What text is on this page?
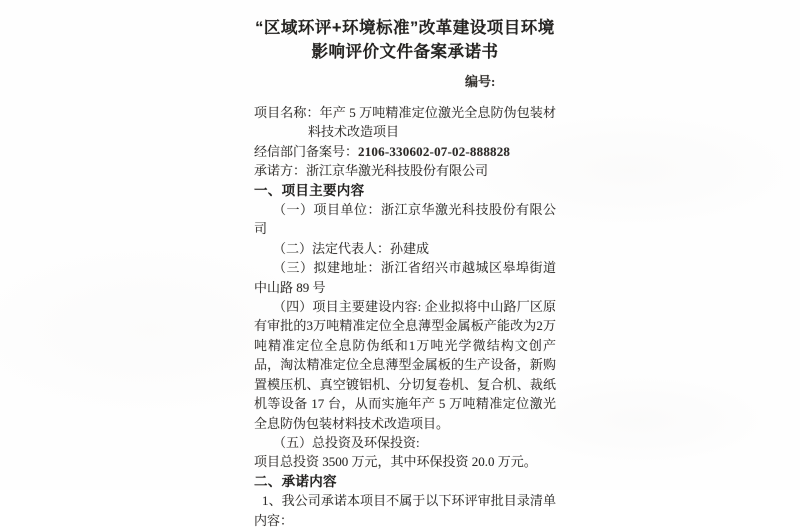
“区域环评+环境标准”改革建设项目环境
影响评价文件备案承诺书
编号:

项目名称：年产 5 万吨精准定位激光全息防伪包装材料技术改造项目

经信部门备案号：2106-330602-07-02-888828

承诺方：浙江京华激光科技股份有限公司

一、项目主要内容

（一）项目单位：浙江京华激光科技股份有限公司

（二）法定代表人：孙建成

（三）拟建地址：浙江省绍兴市越城区皋埠街道中山路 89 号

（四）项目主要建设内容: 企业拟将中山路厂区原有审批的3万吨精准定位全息薄型金属板产能改为2万吨精准定位全息防伪纸和1万吨光学微结构文创产品，淘汰精准定位全息薄型金属板的生产设备，新购置模压机、真空镀铝机、分切复卷机、复合机、裁纸机等设备 17 台，从而实施年产 5 万吨精准定位激光全息防伪包装材料技术改造项目。

（五）总投资及环保投资:

项目总投资 3500 万元，其中环保投资 20.0 万元。

二、承诺内容

1、我公司承诺本项目不属于以下环评审批目录清单内容：
